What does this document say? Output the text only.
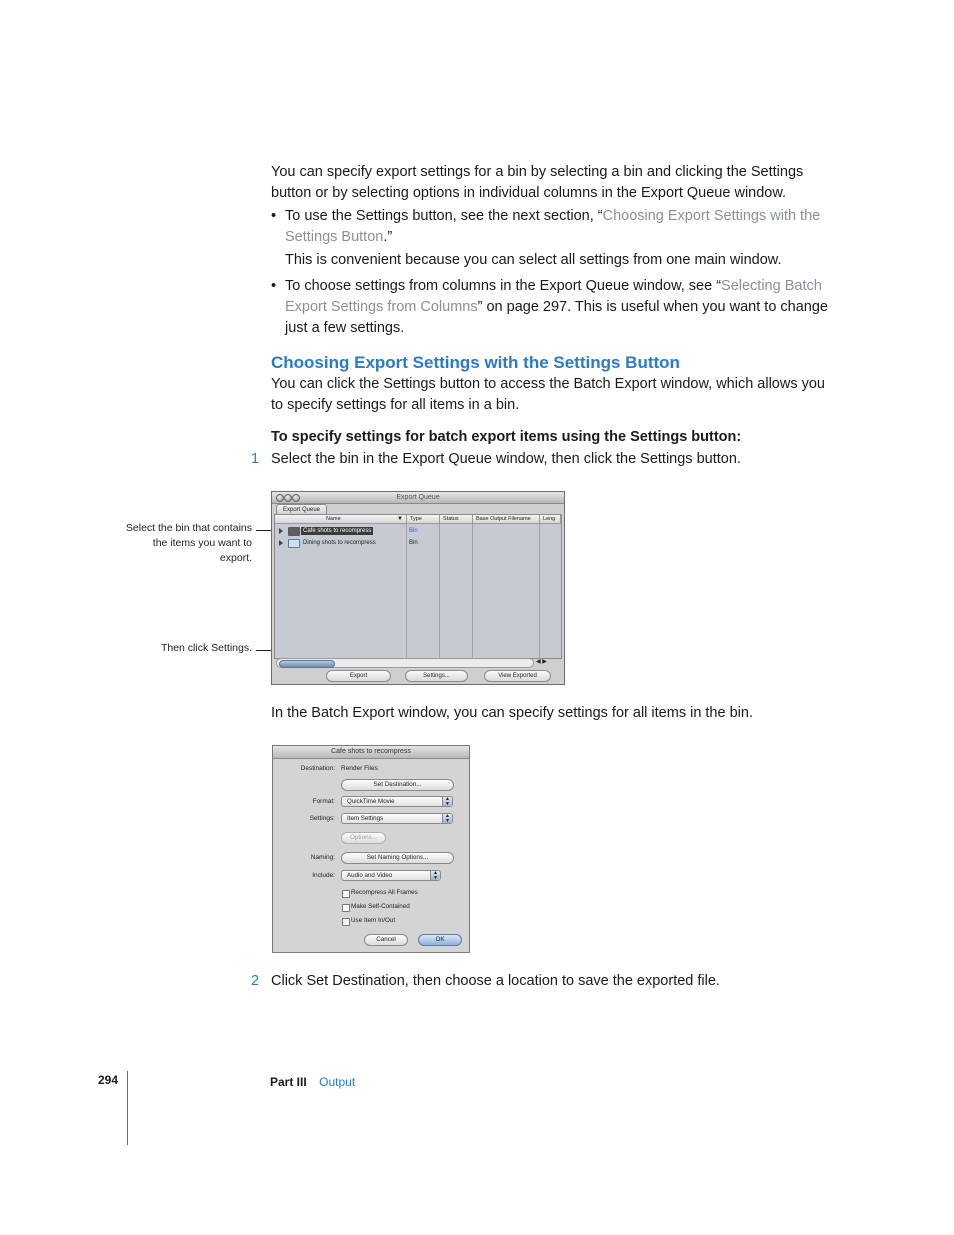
You can specify export settings for a bin by selecting a bin and clicking the Settings button or by selecting options in individual columns in the Export Queue window.
• To use the Settings button, see the next section, “Choosing Export Settings with the Settings Button.”
This is convenient because you can select all settings from one main window.
• To choose settings from columns in the Export Queue window, see “Selecting Batch Export Settings from Columns” on page 297. This is useful when you want to change just a few settings.
Choosing Export Settings with the Settings Button
You can click the Settings button to access the Batch Export window, which allows you to specify settings for all items in a bin.
To specify settings for batch export items using the Settings button:
1 Select the bin in the Export Queue window, then click the Settings button.
Select the bin that contains the items you want to export.
Then click Settings.
Export Queue
Export Queue
Name	▼	Type	Status	Base Output Filename	Leng
Cafe shots to recompress	Bin
Dining shots to recompress	Bin
◀ ▶
Export	Settings...	View Exported
In the Batch Export window, you can specify settings for all items in the bin.
Cafe shots to recompress
Destination: Render Files
Set Destination...
Format:	QuickTime Movie	▲
▼
Settings:	Item Settings	▲
▼
Options...
Naming:	Set Naming Options...
Include:	Audio and Video	▲
▼
Recompress All Frames
Make Self-Contained
Use Item In/Out
Cancel	OK
2 Click Set Destination, then choose a location to save the exported file.
294	Part III Output
